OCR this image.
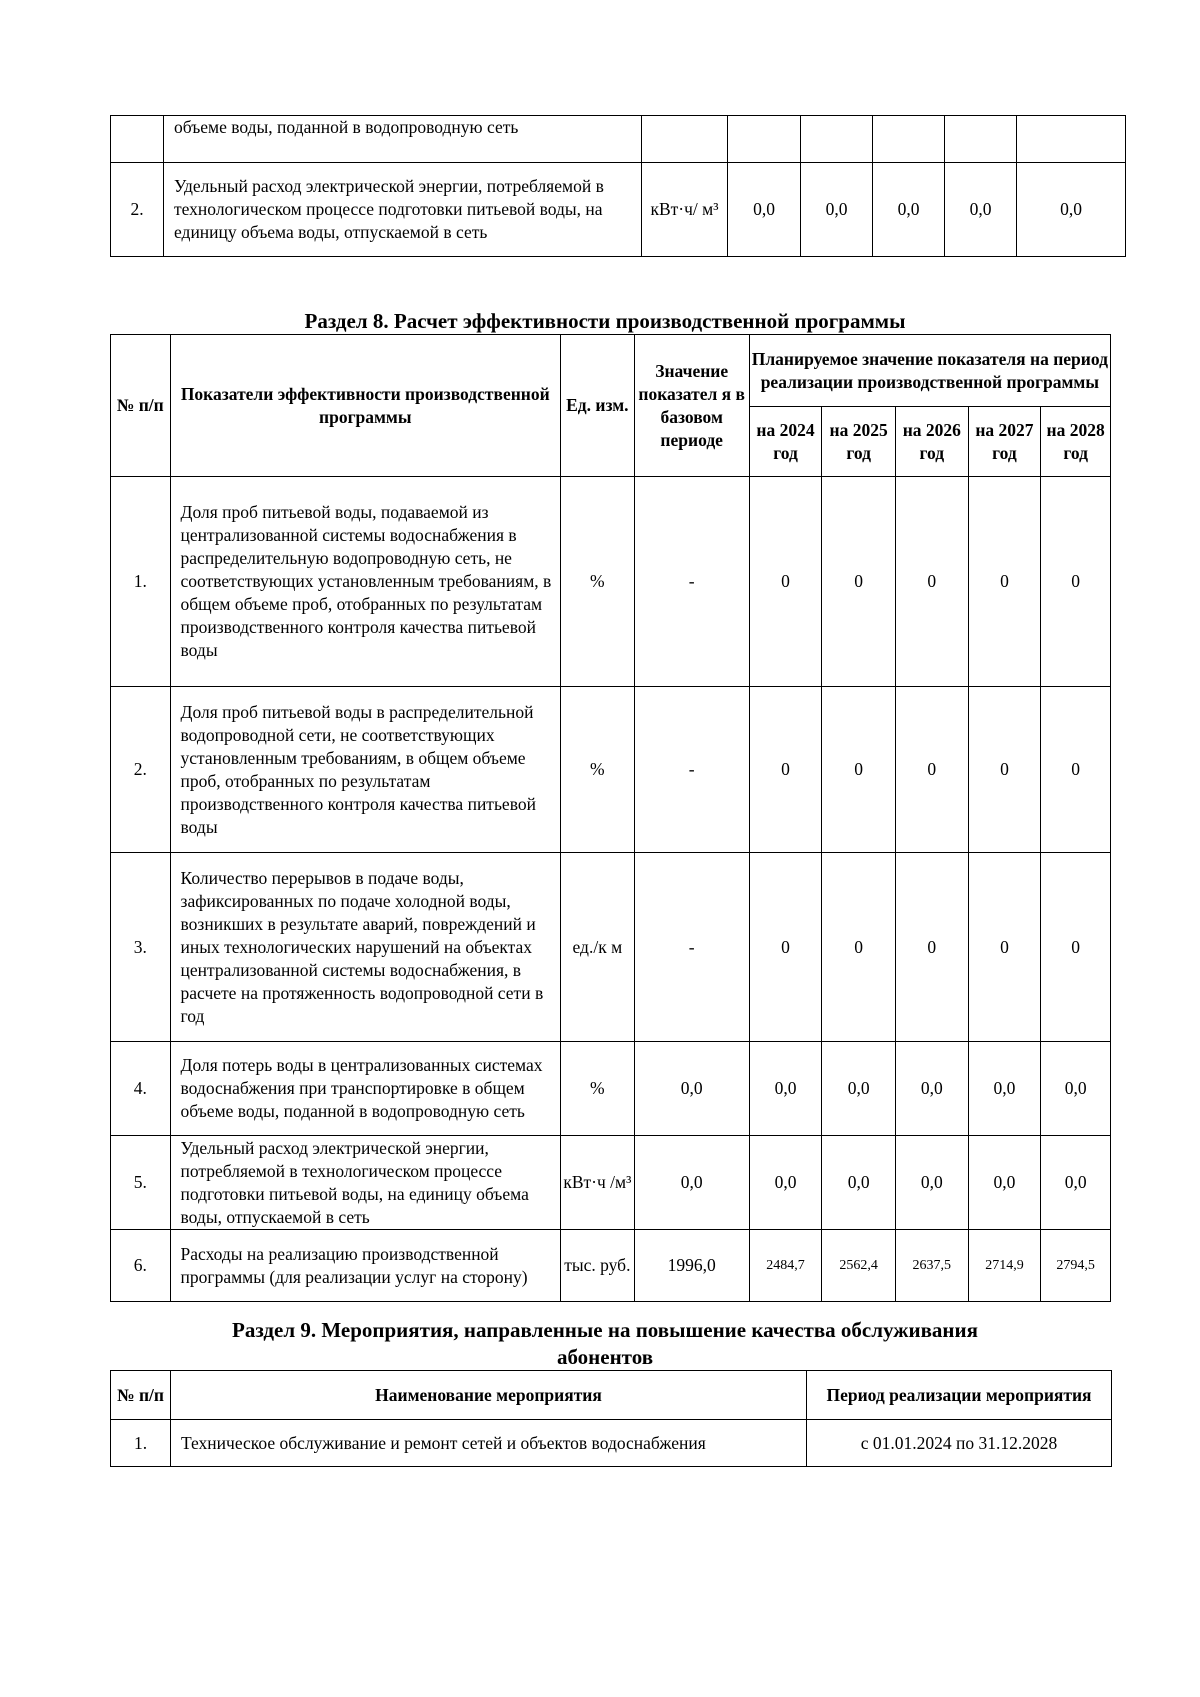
	объеме воды, поданной в водопроводную сеть						
2.	Удельный расход электрической энергии, потребляемой в технологическом процессе подготовки питьевой воды, на единицу объема воды, отпускаемой в сеть	кВт·ч/ м³	0,0	0,0	0,0	0,0	0,0
Раздел 8. Расчет эффективности производственной программы
№ п/п	Показатели эффективности производственной программы	Ед. изм.	Значение показател я в базовом периоде	Планируемое значение показателя на период реализации производственной программы				
				на 2024 год	на 2025 год	на 2026 год	на 2027 год	на 2028 год
1.	Доля проб питьевой воды, подаваемой из централизованной системы водоснабжения в распределительную водопроводную сеть, не соответствующих установленным требованиям, в общем объеме проб, отобранных по результатам производственного контроля качества питьевой воды	%	-	0	0	0	0	0
2.	Доля проб питьевой воды в распределительной водопроводной сети, не соответствующих установленным требованиям, в общем объеме проб, отобранных по результатам производственного контроля качества питьевой воды	%	-	0	0	0	0	0
3.	Количество перерывов в подаче воды, зафиксированных по подаче холодной воды, возникших в результате аварий, повреждений и иных технологических нарушений на объектах централизованной системы водоснабжения, в расчете на протяженность водопроводной сети в год	ед./к м	-	0	0	0	0	0
4.	Доля потерь воды в централизованных системах водоснабжения при транспортировке в общем объеме воды, поданной в водопроводную сеть	%	0,0	0,0	0,0	0,0	0,0	0,0
5.	Удельный расход электрической энергии, потребляемой в технологическом процессе подготовки питьевой воды, на единицу объема воды, отпускаемой в сеть	кВт·ч /м³	0,0	0,0	0,0	0,0	0,0	0,0
6.	Расходы на реализацию производственной программы (для реализации услуг на сторону)	тыс. руб.	1996,0	2484,7	2562,4	2637,5	2714,9	2794,5
Раздел 9. Мероприятия, направленные на повышение качества обслуживания
абонентов
№ п/п	Наименование мероприятия	Период реализации мероприятия
1.	Техническое обслуживание и ремонт сетей и объектов водоснабжения	с 01.01.2024 по 31.12.2028
